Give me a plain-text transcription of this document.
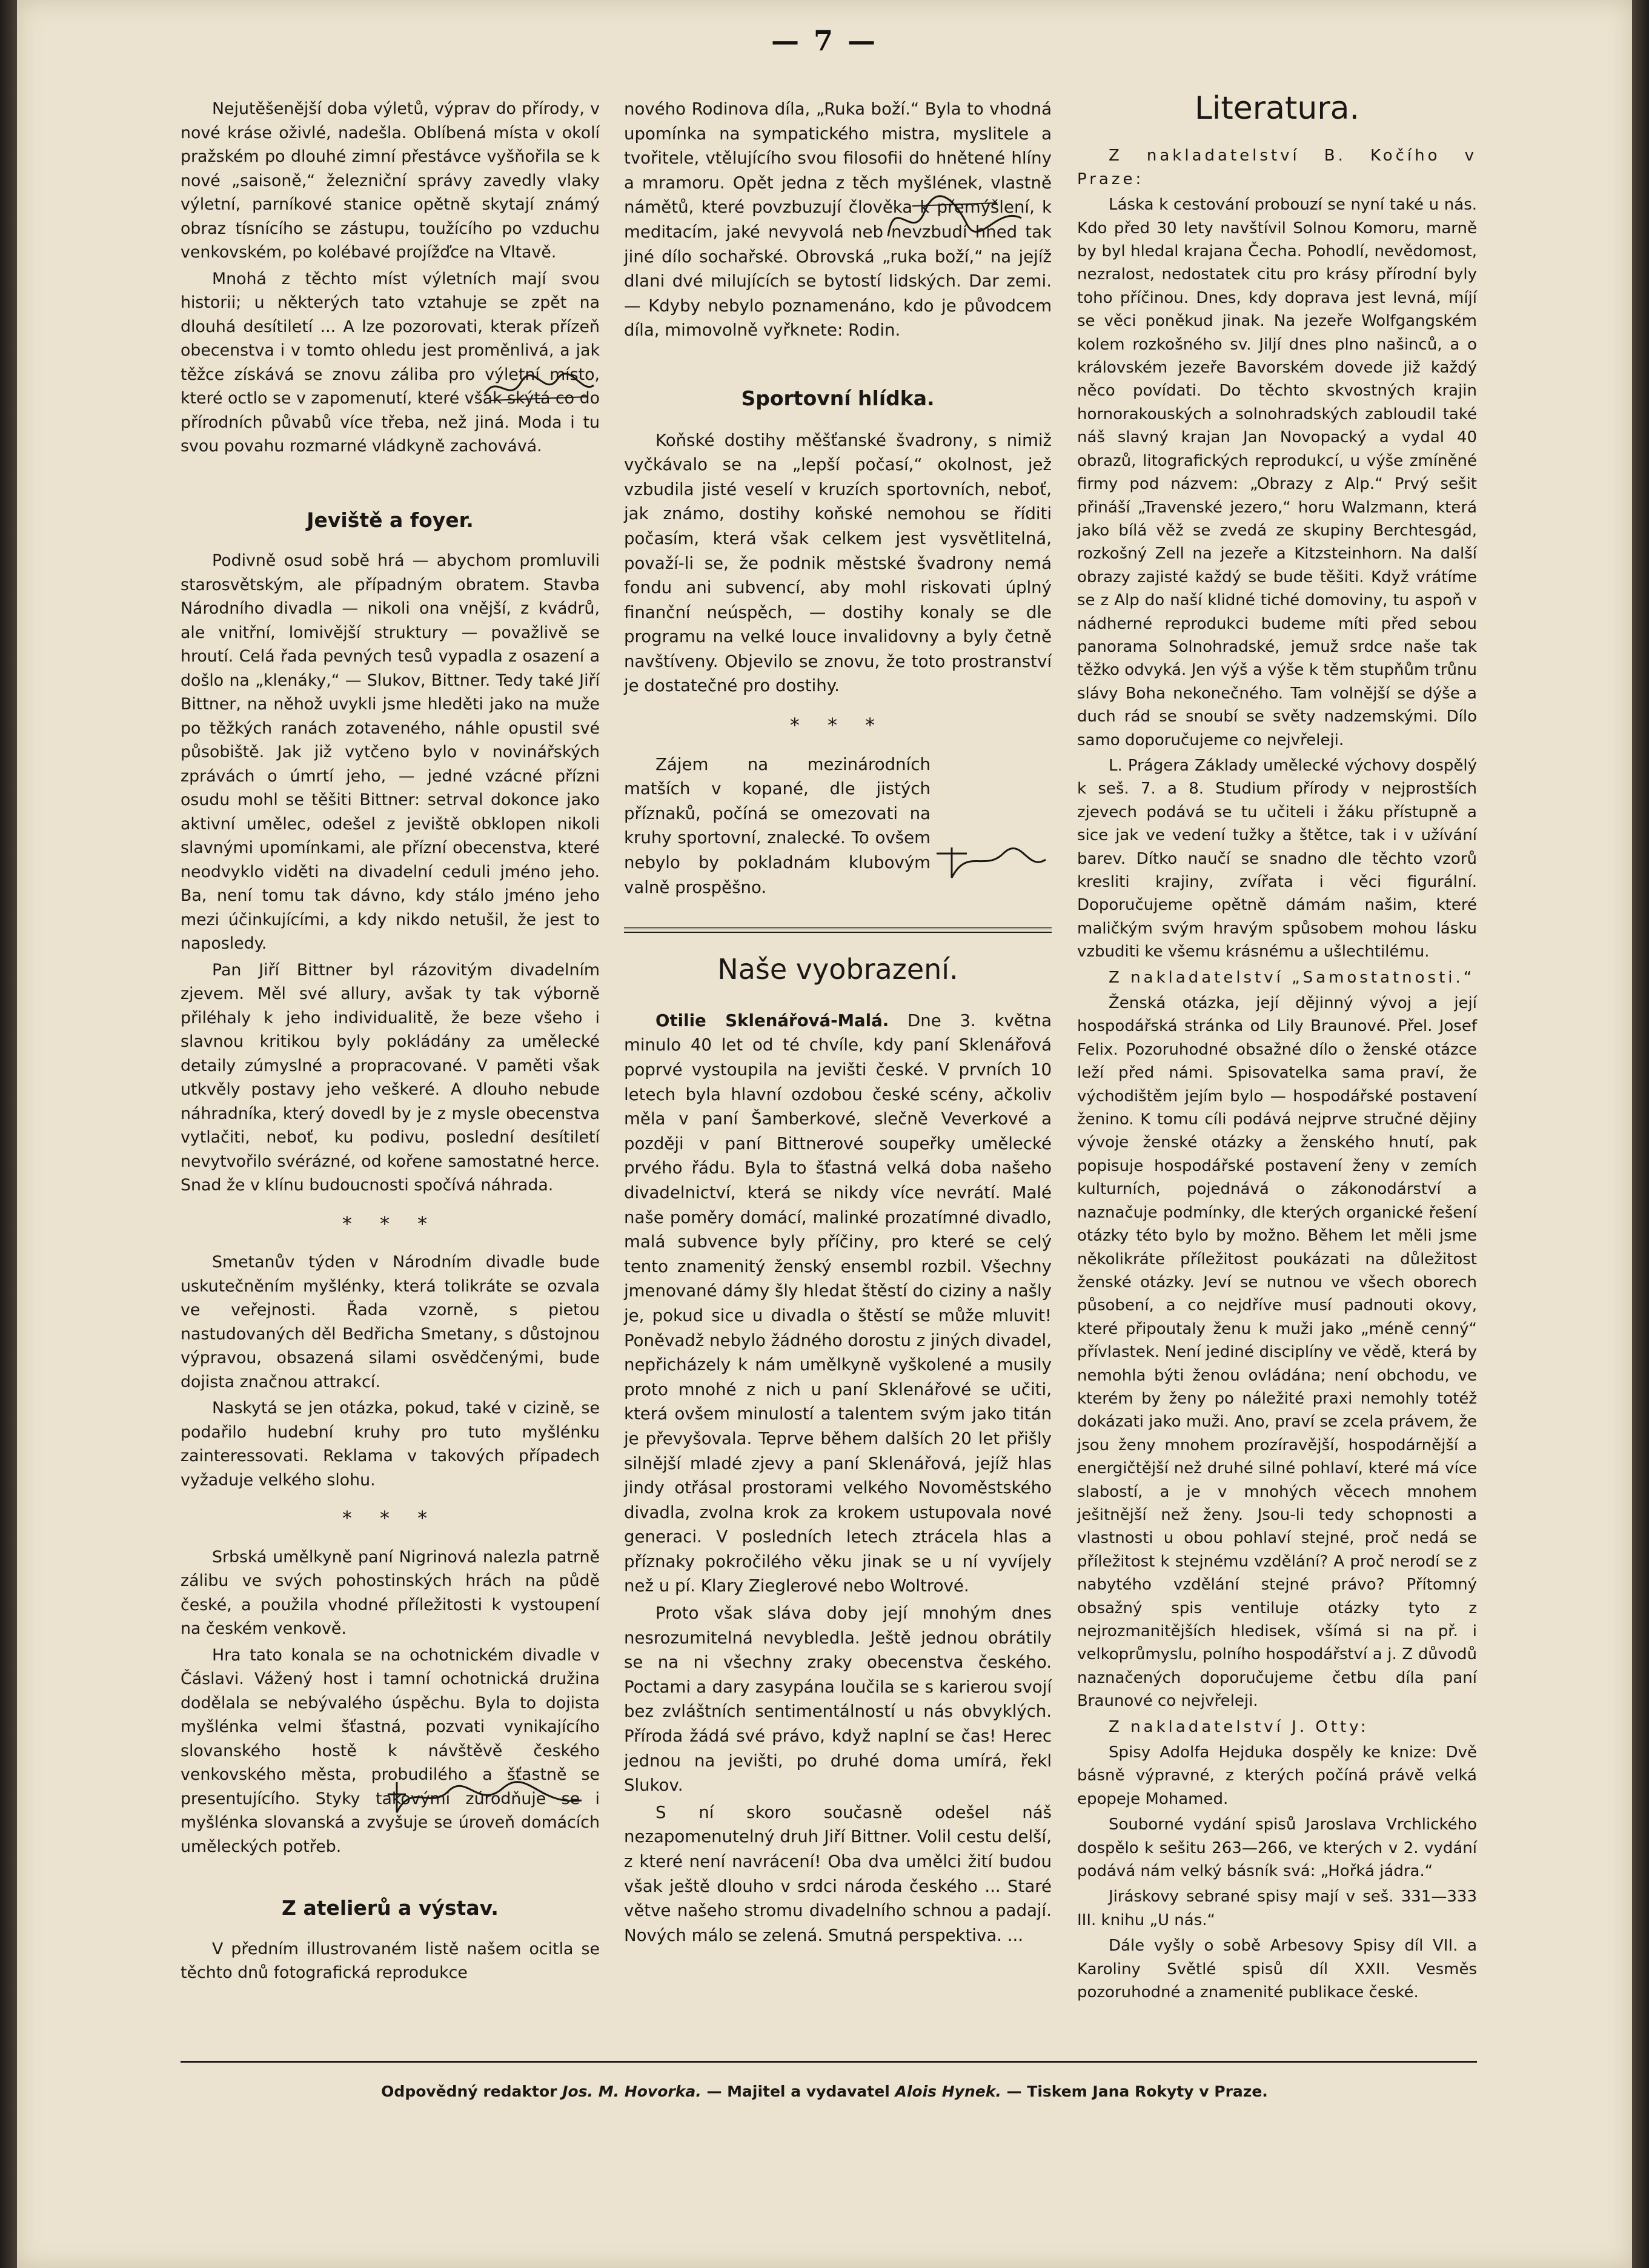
— 7 —

Nejutěšenější doba výletů, výprav do přírody, v nové kráse oživlé, nadešla. Oblíbená místa v okolí pražském po dlouhé zimní přestávce vyšňořila se k nové „saisoně,“ železniční správy zavedly vlaky výletní, parníkové stanice opětně skytají známý obraz tísnícího se zástupu, toužícího po vzduchu venkovském, po kolébavé projížďce na Vltavě.

Mnohá z těchto míst výletních mají svou historii; u některých tato vztahuje se zpět na dlouhá desítiletí ... A lze pozorovati, kterak přízeň obecenstva i v tomto ohledu jest proměnlivá, a jak těžce získává se znovu záliba pro výletní místo, které octlo se v zapomenutí, které však skýtá co do přírodních půvabů více třeba, než jiná. Moda i tu svou povahu rozmarné vládkyně zachovává.

Jeviště a foyer.

Podivně osud sobě hrá — abychom promluvili starosvětským, ale případným obratem. Stavba Národního divadla — nikoli ona vnější, z kvádrů, ale vnitřní, lomivější struktury — považlivě se hroutí. Celá řada pevných tesů vypadla z osazení a došlo na „klenáky,“ — Slukov, Bittner. Tedy také Jiří Bittner, na něhož uvykli jsme hleděti jako na muže po těžkých ranách zotaveného, náhle opustil své působiště. Jak již vytčeno bylo v novinářských zprávách o úmrtí jeho, — jedné vzácné přízni osudu mohl se těšiti Bittner: setrval dokonce jako aktivní umělec, odešel z jeviště obklopen nikoli slavnými upomínkami, ale přízní obecenstva, které neodvyklo viděti na divadelní ceduli jméno jeho. Ba, není tomu tak dávno, kdy stálo jméno jeho mezi účinkujícími, a kdy nikdo netušil, že jest to naposledy.

Pan Jiří Bittner byl rázovitým divadelním zjevem. Měl své allury, avšak ty tak výborně přiléhaly k jeho individualitě, že beze všeho i slavnou kritikou byly pokládány za umělecké detaily zúmyslné a propracované. V paměti však utkvěly postavy jeho veškeré. A dlouho nebude náhradníka, který dovedl by je z mysle obecenstva vytlačiti, neboť, ku podivu, poslední desítiletí nevytvořilo svérázné, od kořene samostatné herce. Snad že v klínu budoucnosti spočívá náhrada.

* * *

Smetanův týden v Národním divadle bude uskutečněním myšlénky, která tolikráte se ozvala ve veřejnosti. Řada vzorně, s pietou nastudovaných děl Bedřicha Smetany, s důstojnou výpravou, obsazená silami osvědčenými, bude dojista značnou attrakcí.

Naskytá se jen otázka, pokud, také v cizině, se podařilo hudební kruhy pro tuto myšlénku zainteressovati. Reklama v takových případech vyžaduje velkého slohu.

* * *

Srbská umělkyně paní Nigrinová nalezla patrně zálibu ve svých pohostinských hrách na půdě české, a použila vhodné příležitosti k vystoupení na českém venkově.

Hra tato konala se na ochotnickém divadle v Čáslavi. Vážený host i tamní ochotnická družina dodělala se nebývalého úspěchu. Byla to dojista myšlénka velmi šťastná, pozvati vynikajícího slovanského hostě k návštěvě českého venkovského města, probudilého a šťastně se presentujícího. Styky takovými zúrodňuje se i myšlénka slovanská a zvyšuje se úroveň domácích uměleckých potřeb.

Z atelierů a výstav.

V předním illustrovaném listě našem ocitla se těchto dnů fotografická reprodukce

nového Rodinova díla, „Ruka boží.“ Byla to vhodná upomínka na sympatického mistra, myslitele a tvořitele, vtělujícího svou filosofii do hnětené hlíny a mramoru. Opět jedna z těch myšlének, vlastně námětů, které povzbuzují člověka k přemýšlení, k meditacím, jaké nevyvolá neb nevzbudí hned tak jiné dílo sochařské. Obrovská „ruka boží,“ na jejíž dlani dvé milujících se bytostí lidských. Dar zemi. — Kdyby nebylo poznamenáno, kdo je původcem díla, mimovolně vyřknete: Rodin.

Sportovní hlídka.

Koňské dostihy měšťanské švadrony, s nimiž vyčkávalo se na „lepší počasí,“ okolnost, jež vzbudila jisté veselí v kruzích sportovních, neboť, jak známo, dostihy koňské nemohou se říditi počasím, která však celkem jest vysvětlitelná, považí-li se, že podnik městské švadrony nemá fondu ani subvencí, aby mohl riskovati úplný finanční neúspěch, — dostihy konaly se dle programu na velké louce invalidovny a byly četně navštíveny. Objevilo se znovu, že toto prostranství je dostatečné pro dostihy.

* * *

Zájem na mezinárodních matších v kopané, dle jistých příznaků, počíná se omezovati na kruhy sportovní, znalecké. To ovšem nebylo by pokladnám klubovým valně prospěšno.

Naše vyobrazení.

Otilie Sklenářová-Malá. Dne 3. května minulo 40 let od té chvíle, kdy paní Sklenářová poprvé vystoupila na jevišti české. V prvních 10 letech byla hlavní ozdobou české scény, ačkoliv měla v paní Šamberkové, slečně Veverkové a později v paní Bittnerové soupeřky umělecké prvého řádu. Byla to šťastná velká doba našeho divadelnictví, která se nikdy více nevrátí. Malé naše poměry domácí, malinké prozatímné divadlo, malá subvence byly příčiny, pro které se celý tento znamenitý ženský ensembl rozbil. Všechny jmenované dámy šly hledat štěstí do ciziny a našly je, pokud sice u divadla o štěstí se může mluvit! Poněvadž nebylo žádného dorostu z jiných divadel, nepřicházely k nám umělkyně vyškolené a musily proto mnohé z nich u paní Sklenářové se učiti, která ovšem minulostí a talentem svým jako titán je převyšovala. Teprve během dalších 20 let přišly silnější mladé zjevy a paní Sklenářová, jejíž hlas jindy otřásal prostorami velkého Novoměstského divadla, zvolna krok za krokem ustupovala nové generaci. V posledních letech ztrácela hlas a příznaky pokročilého věku jinak se u ní vyvíjely než u pí. Klary Zieglerové nebo Woltrové.

Proto však sláva doby její mnohým dnes nesrozumitelná nevybledla. Ještě jednou obrátily se na ni všechny zraky obecenstva českého. Poctami a dary zasypána loučila se s karierou svojí bez zvláštních sentimentálností u nás obvyklých. Příroda žádá své právo, když naplní se čas! Herec jednou na jevišti, po druhé doma umírá, řekl Slukov.

S ní skoro současně odešel náš nezapomenutelný druh Jiří Bittner. Volil cestu delší, z které není navrácení! Oba dva umělci žití budou však ještě dlouho v srdci národa českého ... Staré větve našeho stromu divadelního schnou a padají. Nových málo se zelená. Smutná perspektiva. ...

Literatura.

Z nakladatelství B. Kočího v Praze:

Láska k cestování probouzí se nyní také u nás. Kdo před 30 lety navštívil Solnou Komoru, marně by byl hledal krajana Čecha. Pohodlí, nevědomost, nezralost, nedostatek citu pro krásy přírodní byly toho příčinou. Dnes, kdy doprava jest levná, míjí se věci poněkud jinak. Na jezeře Wolfgangském kolem rozkošného sv. Jiljí dnes plno našinců, a o královském jezeře Bavorském dovede již každý něco povídati. Do těchto skvostných krajin hornorakouských a solnohradských zabloudil také náš slavný krajan Jan Novopacký a vydal 40 obrazů, litografických reprodukcí, u výše zmíněné firmy pod názvem: „Obrazy z Alp.“ Prvý sešit přináší „Travenské jezero,“ horu Walzmann, která jako bílá věž se zvedá ze skupiny Berchtesgád, rozkošný Zell na jezeře a Kitzsteinhorn. Na další obrazy zajisté každý se bude těšiti. Když vrátíme se z Alp do naší klidné tiché domoviny, tu aspoň v nádherné reprodukci budeme míti před sebou panorama Solnohradské, jemuž srdce naše tak těžko odvyká. Jen výš a výše k těm stupňům trůnu slávy Boha nekonečného. Tam volnější se dýše a duch rád se snoubí se světy nadzemskými. Dílo samo doporučujeme co nejvřeleji.

L. Prágera Základy umělecké výchovy dospělý k seš. 7. a 8. Studium přírody v nejprostších zjevech podává se tu učiteli i žáku přístupně a sice jak ve vedení tužky a štětce, tak i v užívání barev. Dítko naučí se snadno dle těchto vzorů kresliti krajiny, zvířata i věci figurální. Doporučujeme opětně dámám našim, které maličkým svým hravým spůsobem mohou lásku vzbuditi ke všemu krásnému a ušlechtilému.

Z nakladatelství „Samostatnosti.“

Ženská otázka, její dějinný vývoj a její hospodářská stránka od Lily Braunové. Přel. Josef Felix. Pozoruhodné obsažné dílo o ženské otázce leží před námi. Spisovatelka sama praví, že východištěm jejím bylo — hospodářské postavení ženino. K tomu cíli podává nejprve stručné dějiny vývoje ženské otázky a ženského hnutí, pak popisuje hospodářské postavení ženy v zemích kulturních, pojednává o zákonodárství a naznačuje podmínky, dle kterých organické řešení otázky této bylo by možno. Během let měli jsme několikráte příležitost poukázati na důležitost ženské otázky. Jeví se nutnou ve všech oborech působení, a co nejdříve musí padnouti okovy, které připoutaly ženu k muži jako „méně cenný“ přívlastek. Není jediné disciplíny ve vědě, která by nemohla býti ženou ovládána; není obchodu, ve kterém by ženy po náležité praxi nemohly totéž dokázati jako muži. Ano, praví se zcela právem, že jsou ženy mnohem prozíravější, hospodárnější a energičtější než druhé silné pohlaví, které má více slabostí, a je v mnohých věcech mnohem ješitnější než ženy. Jsou-li tedy schopnosti a vlastnosti u obou pohlaví stejné, proč nedá se příležitost k stejnému vzdělání? A proč nerodí se z nabytého vzdělání stejné právo? Přítomný obsažný spis ventiluje otázky tyto z nejrozmanitějších hledisek, všímá si na př. i velkoprůmyslu, polního hospodářství a j. Z důvodů naznačených doporučujeme četbu díla paní Braunové co nejvřeleji.

Z nakladatelství J. Otty:

Spisy Adolfa Hejduka dospěly ke knize: Dvě básně výpravné, z kterých počíná právě velká epopeje Mohamed.

Souborné vydání spisů Jaroslava Vrchlického dospělo k sešitu 263—266, ve kterých v 2. vydání podává nám velký básník svá: „Hořká jádra.“

Jiráskovy sebrané spisy mají v seš. 331—333 III. knihu „U nás.“

Dále vyšly o sobě Arbesovy Spisy díl VII. a Karoliny Světlé spisů díl XXII. Vesměs pozoruhodné a znamenité publikace české.

Odpovědný redaktor Jos. M. Hovorka. — Majitel a vydavatel Alois Hynek. — Tiskem Jana Rokyty v Praze.
